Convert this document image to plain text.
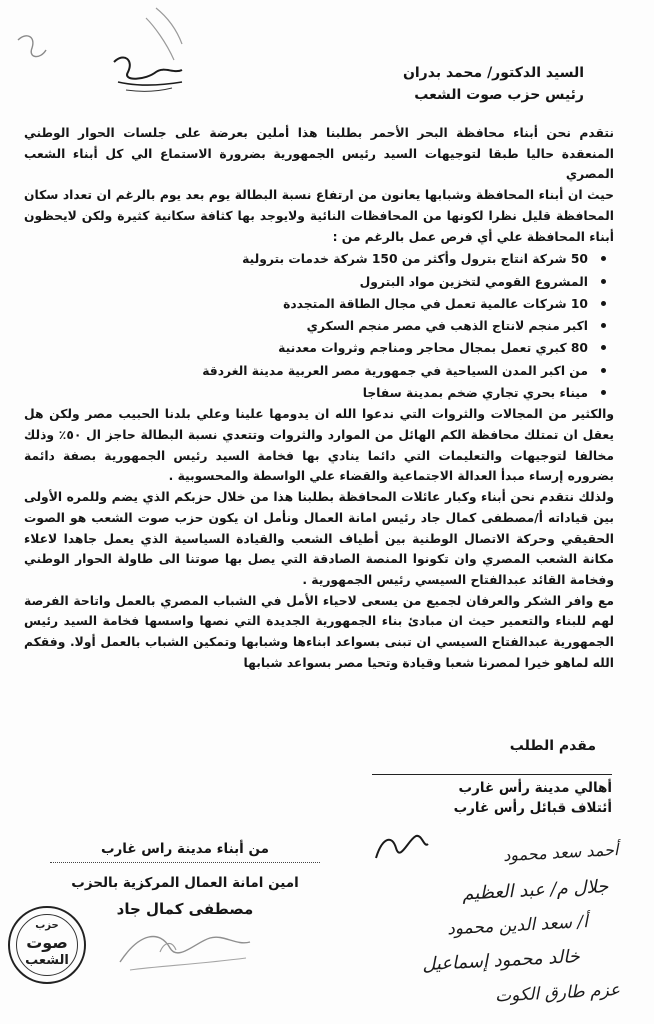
السيد الدكتور/ محمد بدران
رئيس حزب صوت الشعب

نتقدم نحن أبناء محافظة البحر الأحمر بطلبنا هذا أملين بعرضة على جلسات الحوار الوطني المنعقدة حاليا طبقا لتوجيهات السيد رئيس الجمهورية بضرورة الاستماع الي كل أبناء الشعب المصري

حيث ان أبناء المحافظة وشبابها يعانون من ارتفاع نسبة البطالة يوم بعد يوم بالرغم ان تعداد سكان المحافظة قليل نظرا لكونها من المحافظات النائية ولايوجد بها كثافة سكانية كثيرة ولكن لايحظون أبناء المحافظة علي أي فرص عمل بالرغم من :

50 شركة انتاج بترول وأكثر من 150 شركة خدمات بترولية
المشروع القومي لتخزين مواد البترول
10 شركات عالمية تعمل في مجال الطاقة المتجددة
اكبر منجم لانتاج الذهب في مصر منجم السكري
80 كبري تعمل بمجال محاجر ومناجم وثروات معدنية
من اكبر المدن السياحية في جمهورية مصر العربية مدينة الغردقة
ميناء بحري تجاري ضخم بمدينة سفاجا

والكثير من المجالات والثروات التي ندعوا الله ان يدومها علينا وعلي بلدنا الحبيب مصر ولكن هل يعقل ان تمتلك محافظة الكم الهائل من الموارد والثروات وتتعدي نسبة البطالة حاجز ال ٥٠٪ وذلك مخالفا لتوجيهات والتعليمات التي دائما ينادي بها فخامة السيد رئيس الجمهورية بصفة دائمة بضروره إرساء مبدأ العدالة الاجتماعية والقضاء علي الواسطة والمحسوبية .

ولذلك نتقدم نحن أبناء وكبار عائلات المحافظة بطلبنا هذا من خلال حزبكم الذي يضم وللمره الأولى بين قياداته أ/مصطفى كمال جاد رئيس امانة العمال ونأمل ان يكون حزب صوت الشعب هو الصوت الحقيقي وحركة الاتصال الوطنية بين أطياف الشعب والقيادة السياسية الذي يعمل جاهدا لاعلاء مكانة الشعب المصري وان تكونوا المنصة الصادقة التي يصل بها صوتنا الى طاولة الحوار الوطني وفخامة القائد عبدالفتاح السيسي رئيس الجمهورية .

مع وافر الشكر والعرفان لجميع من يسعى لاحياء الأمل في الشباب المصري بالعمل واتاحة الفرصة لهم للبناء والتعمير حيث ان مبادئ بناء الجمهورية الجديدة التي نصها واسسها فخامة السيد رئيس الجمهورية عبدالفتاح السيسي ان تبنى بسواعد ابناءها وشبابها وتمكين الشباب بالعمل أولا. وفقكم الله لماهو خيرا لمصرنا شعبا وقيادة وتحيا مصر بسواعد شبابها

مقدم الطلب
أهالي مدينة رأس غارب
أئتلاف قبائل رأس غارب
من أبناء مدينة راس غارب
امين امانة العمال المركزية بالحزب
مصطفى كمال جاد
أحمد سعد محمود
جلال م/ عبد العظيم
أ/ سعد الدين محمود
خالد محمود إسماعيل
عزم طارق الكوت
حزب
صوت
الشعب
